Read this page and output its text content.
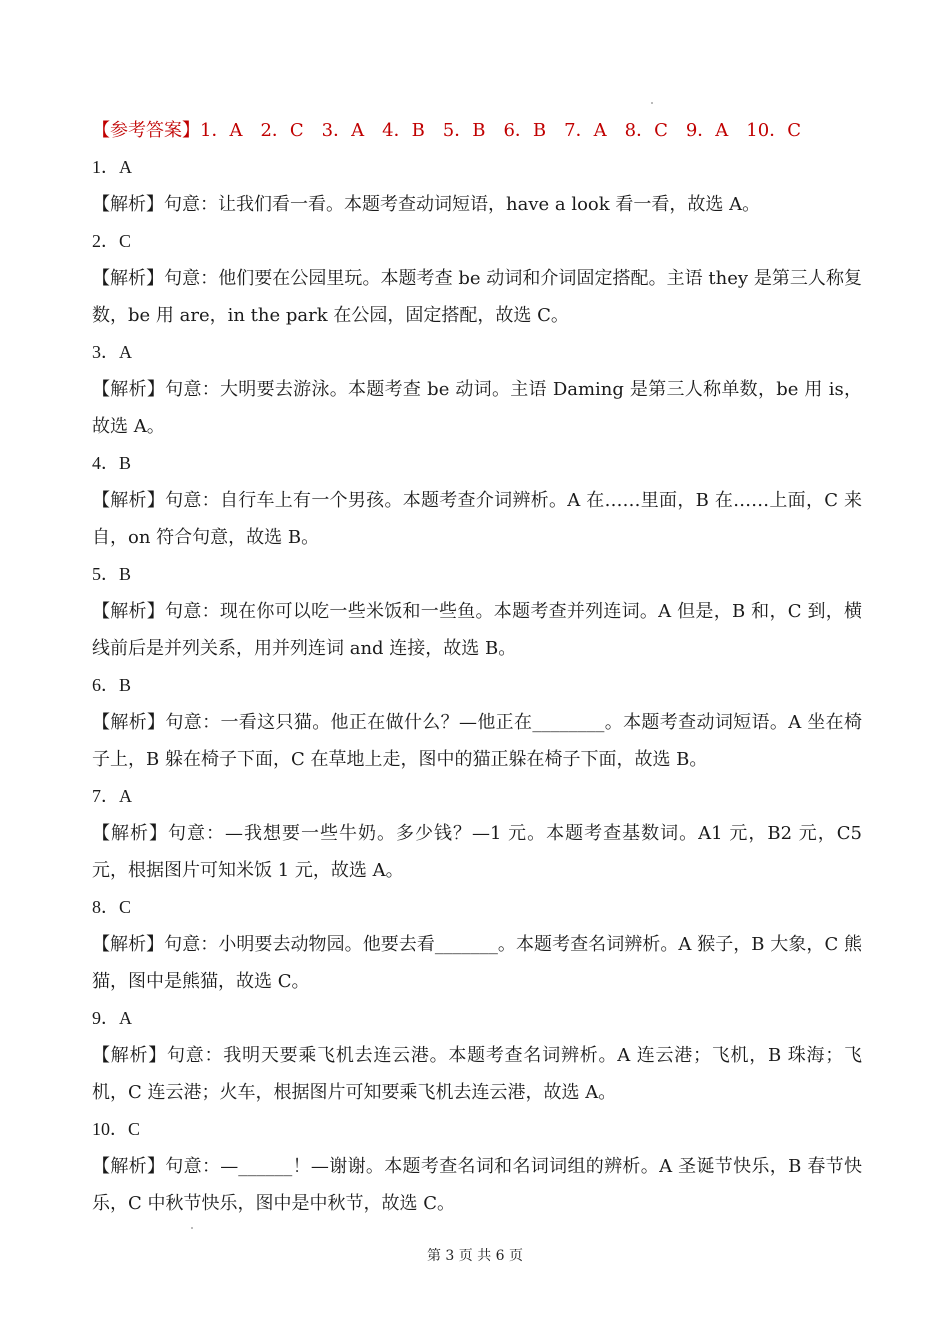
【参考答案】1．A　2．C　3．A　4．B　5．B　6．B　7．A　8．C　9．A　10．C

1．A

【解析】句意：让我们看一看。本题考查动词短语，have a look 看一看，故选 A。

2．C

【解析】句意：他们要在公园里玩。本题考查 be 动词和介词固定搭配。主语 they 是第三人称复数，be 用 are，in the park 在公园，固定搭配，故选 C。

3．A

【解析】句意：大明要去游泳。本题考查 be 动词。主语 Daming 是第三人称单数，be 用 is，故选 A。

4．B

【解析】句意：自行车上有一个男孩。本题考查介词辨析。A 在……里面，B 在……上面，C 来自，on 符合句意，故选 B。

5．B

【解析】句意：现在你可以吃一些米饭和一些鱼。本题考查并列连词。A 但是，B 和，C 到，横线前后是并列关系，用并列连词 and 连接，故选 B。

6．B

【解析】句意：一看这只猫。他正在做什么？—他正在________。本题考查动词短语。A 坐在椅子上，B 躲在椅子下面，C 在草地上走，图中的猫正躲在椅子下面，故选 B。

7．A

【解析】句意：—我想要一些牛奶。多少钱？—1 元。本题考查基数词。A1 元，B2 元，C5 元，根据图片可知米饭 1 元，故选 A。

8．C

【解析】句意：小明要去动物园。他要去看_______。本题考查名词辨析。A 猴子，B 大象，C 熊猫，图中是熊猫，故选 C。

9．A

【解析】句意：我明天要乘飞机去连云港。本题考查名词辨析。A 连云港；飞机，B 珠海；飞机，C 连云港；火车，根据图片可知要乘飞机去连云港，故选 A。

10．C

【解析】句意：—______！—谢谢。本题考查名词和名词词组的辨析。A 圣诞节快乐，B 春节快乐，C 中秋节快乐，图中是中秋节，故选 C。

第 3 页 共 6 页
